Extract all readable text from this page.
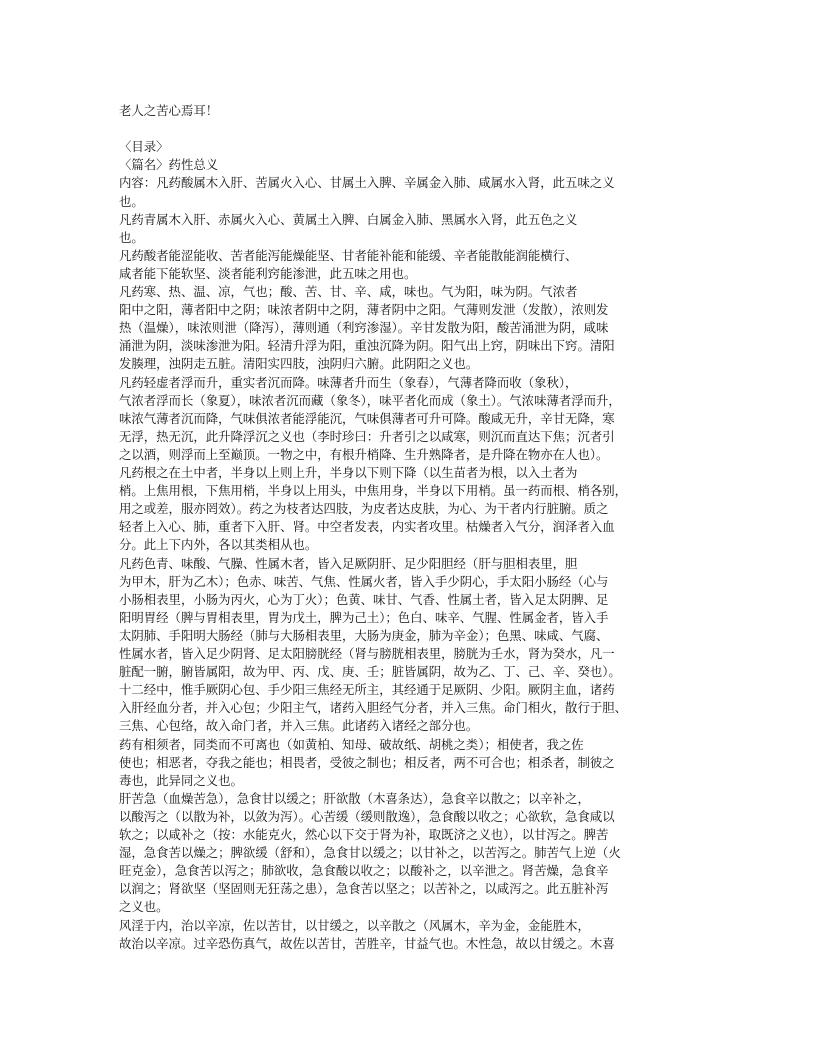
老人之苦心焉耳！
〈目录〉
〈篇名〉药性总义
内容：凡药酸属木入肝、苦属火入心、甘属土入脾、辛属金入肺、咸属水入肾，此五味之义
也。
凡药青属木入肝、赤属火入心、黄属土入脾、白属金入肺、黑属水入肾，此五色之义
也。
凡药酸者能涩能收、苦者能泻能燥能坚、甘者能补能和能缓、辛者能散能润能横行、
咸者能下能软坚、淡者能利窍能渗泄，此五味之用也。
凡药寒、热、温、凉，气也；酸、苦、甘、辛、咸，味也。气为阳，味为阴。气浓者
阳中之阳，薄者阳中之阴；味浓者阴中之阴，薄者阴中之阳。气薄则发泄（发散），浓则发
热（温燥），味浓则泄（降泻），薄则通（利窍渗湿）。辛甘发散为阳，酸苦涌泄为阴，咸味
涌泄为阴，淡味渗泄为阳。轻清升浮为阳，重浊沉降为阴。阳气出上窍，阴味出下窍。清阳
发腠理，浊阴走五脏。清阳实四肢，浊阴归六腑。此阴阳之义也。
凡药轻虚者浮而升，重实者沉而降。味薄者升而生（象春），气薄者降而收（象秋），
气浓者浮而长（象夏），味浓者沉而藏（象冬），味平者化而成（象土）。气浓味薄者浮而升，
味浓气薄者沉而降，气味俱浓者能浮能沉，气味俱薄者可升可降。酸咸无升，辛甘无降，寒
无浮，热无沉，此升降浮沉之义也（李时珍曰：升者引之以咸寒，则沉而直达下焦；沉者引
之以酒，则浮而上至巅顶。一物之中，有根升梢降、生升熟降者，是升降在物亦在人也）。
凡药根之在土中者，半身以上则上升，半身以下则下降（以生苗者为根，以入土者为
梢。上焦用根，下焦用梢，半身以上用头，中焦用身，半身以下用梢。虽一药而根、梢各别，
用之或差，服亦罔效）。药之为枝者达四肢，为皮者达皮肤，为心、为干者内行脏腑。质之
轻者上入心、肺，重者下入肝、肾。中空者发表，内实者攻里。枯燥者入气分，润泽者入血
分。此上下内外，各以其类相从也。
凡药色青、味酸、气臊、性属木者，皆入足厥阴肝、足少阳胆经（肝与胆相表里，胆
为甲木，肝为乙木）；色赤、味苦、气焦、性属火者，皆入手少阴心，手太阳小肠经（心与
小肠相表里，小肠为丙火，心为丁火）；色黄、味甘、气香、性属土者，皆入足太阴脾、足
阳明胃经（脾与胃相表里，胃为戊土，脾为己土）；色白、味辛、气腥、性属金者，皆入手
太阴肺、手阳明大肠经（肺与大肠相表里，大肠为庚金，肺为辛金）；色黑、味咸、气腐、
性属水者，皆入足少阴肾、足太阳膀胱经（肾与膀胱相表里，膀胱为壬水，肾为癸水，凡一
脏配一腑，腑皆属阳，故为甲、丙、戊、庚、壬；脏皆属阴，故为乙、丁、己、辛、癸也）。
十二经中，惟手厥阴心包、手少阳三焦经无所主，其经通于足厥阴、少阳。厥阴主血，诸药
入肝经血分者，并入心包；少阳主气，诸药入胆经气分者，并入三焦。命门相火，散行于胆、
三焦、心包络，故入命门者，并入三焦。此诸药入诸经之部分也。
药有相须者，同类而不可离也（如黄柏、知母、破故纸、胡桃之类）；相使者，我之佐
使也；相恶者，夺我之能也；相畏者，受彼之制也；相反者，两不可合也；相杀者，制彼之
毒也，此异同之义也。
肝苦急（血燥苦急），急食甘以缓之；肝欲散（木喜条达），急食辛以散之；以辛补之，
以酸泻之（以散为补，以敛为泻）。心苦缓（缓则散逸），急食酸以收之；心欲软，急食咸以
软之；以咸补之（按：水能克火，然心以下交于肾为补，取既济之义也），以甘泻之。脾苦
湿，急食苦以燥之；脾欲缓（舒和），急食甘以缓之；以甘补之，以苦泻之。肺苦气上逆（火
旺克金），急食苦以泻之；肺欲收，急食酸以收之；以酸补之，以辛泄之。肾苦燥，急食辛
以润之；肾欲坚（坚固则无狂荡之患），急食苦以坚之；以苦补之，以咸泻之。此五脏补泻
之义也。
风淫于内，治以辛凉，佐以苦甘，以甘缓之，以辛散之（风属木，辛为金，金能胜木，
故治以辛凉。过辛恐伤真气，故佐以苦甘，苦胜辛，甘益气也。木性急，故以甘缓之。木喜
